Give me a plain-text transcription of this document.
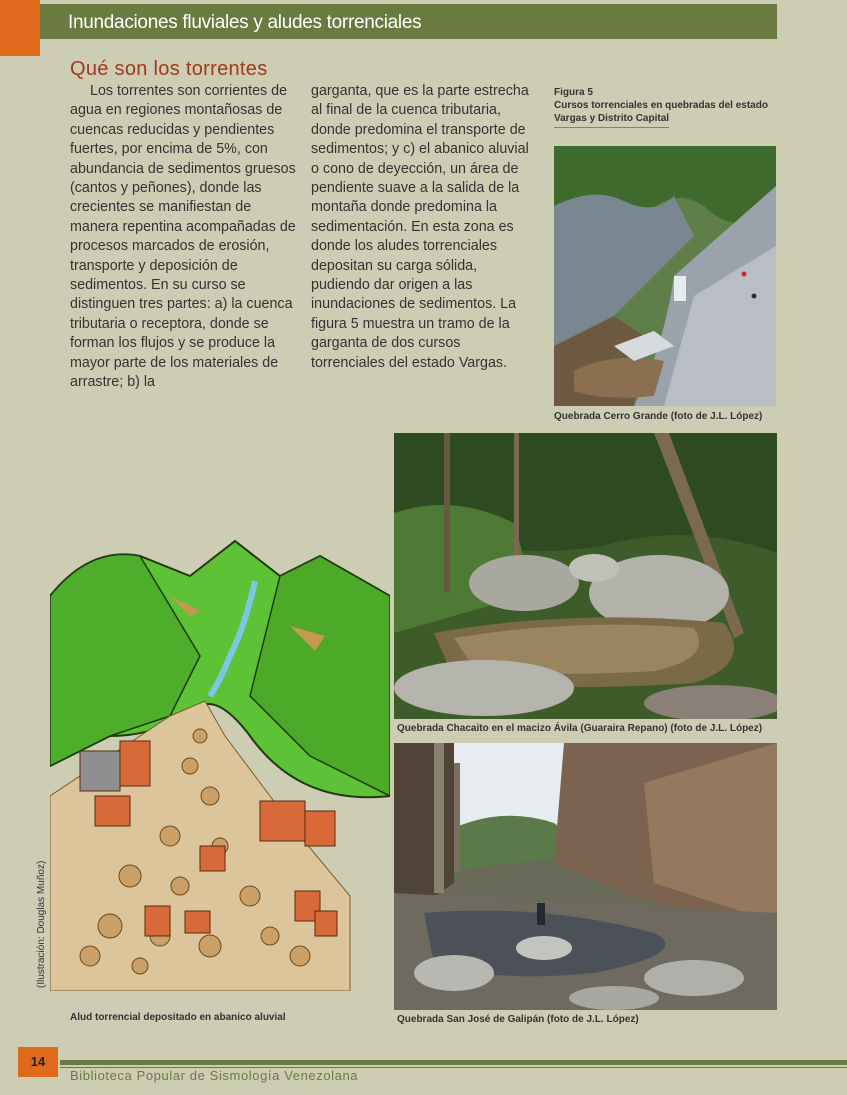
Inundaciones fluviales y aludes torrenciales
Qué son los torrentes

Los torrentes son corrientes de agua en regiones montañosas de cuencas reducidas y pendientes fuertes, por encima de 5%, con abundancia de sedimentos gruesos (cantos y peñones), donde las crecientes se manifiestan de manera repentina acompañadas de procesos marcados de erosión, transporte y deposición de sedimentos. En su curso se distinguen tres partes: a) la cuenca tributaria o receptora, donde se forman los flujos y se produce la mayor parte de los materiales de arrastre; b) la

garganta, que es la parte estrecha al final de la cuenca tributaria, donde predomina el transporte de sedimentos; y c) el abanico aluvial o cono de deyección, un área de pendiente suave a la salida de la montaña donde predomina la sedimentación. En esta zona es donde los aludes torrenciales depositan su carga sólida, pudiendo dar origen a las inundaciones de sedimentos. La figura 5 muestra un tramo de la garganta de dos cursos torrenciales del estado Vargas.

Figura 5
Cursos torrenciales en quebradas del estado
Vargas y Distrito Capital
Quebrada Cerro Grande (foto de J.L. López)
Quebrada Chacaito en el macizo Ávila (Guaraira Repano) (foto de J.L. López)
Quebrada San José de Galipán (foto de J.L. López)
(Ilustración: Douglas Muñoz)
Alud torrencial depositado en abanico aluvial
14
Biblioteca Popular de Sismología Venezolana
